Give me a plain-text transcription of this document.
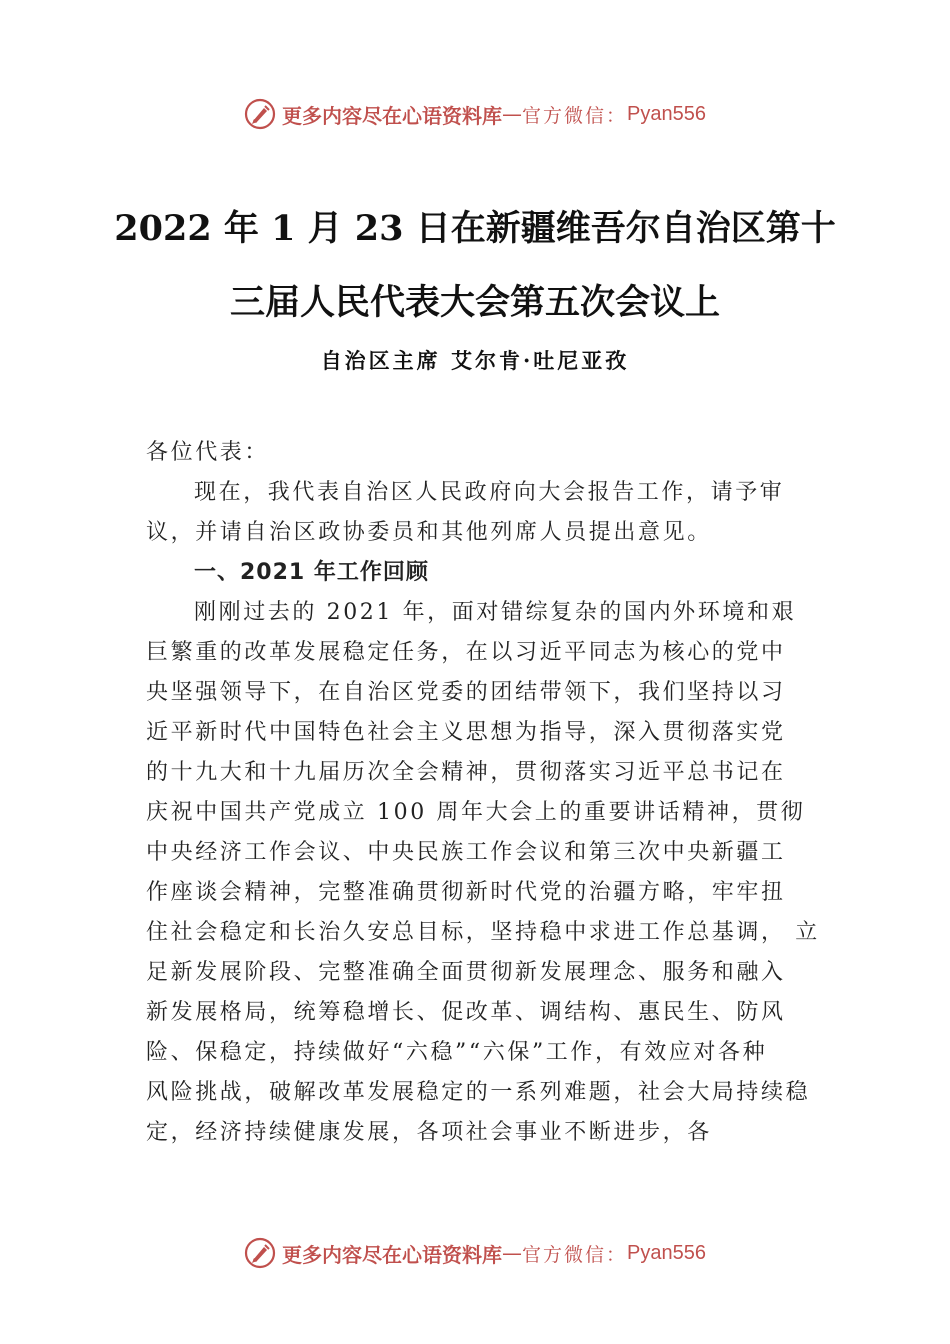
更多内容尽在心语资料库 — 官方微信： Pyan556
2022 年 1 月 23 日在新疆维吾尔自治区第十
三届人民代表大会第五次会议上
自治区主席 艾尔肯·吐尼亚孜
各位代表：
现在，我代表自治区人民政府向大会报告工作，请予审
议，并请自治区政协委员和其他列席人员提出意见。
一、2021 年工作回顾
刚刚过去的 2021 年，面对错综复杂的国内外环境和艰
巨繁重的改革发展稳定任务，在以习近平同志为核心的党中
央坚强领导下，在自治区党委的团结带领下，我们坚持以习
近平新时代中国特色社会主义思想为指导，深入贯彻落实党
的十九大和十九届历次全会精神，贯彻落实习近平总书记在
庆祝中国共产党成立 100 周年大会上的重要讲话精神，贯彻
中央经济工作会议、中央民族工作会议和第三次中央新疆工
作座谈会精神，完整准确贯彻新时代党的治疆方略，牢牢扭
住社会稳定和长治久安总目标，坚持稳中求进工作总基调， 立
足新发展阶段、完整准确全面贯彻新发展理念、服务和融入
新发展格局，统筹稳增长、促改革、调结构、惠民生、防风
险、保稳定，持续做好“六稳”“六保”工作，有效应对各种
风险挑战，破解改革发展稳定的一系列难题，社会大局持续稳
定，经济持续健康发展，各项社会事业不断进步，各
更多内容尽在心语资料库 — 官方微信： Pyan556
